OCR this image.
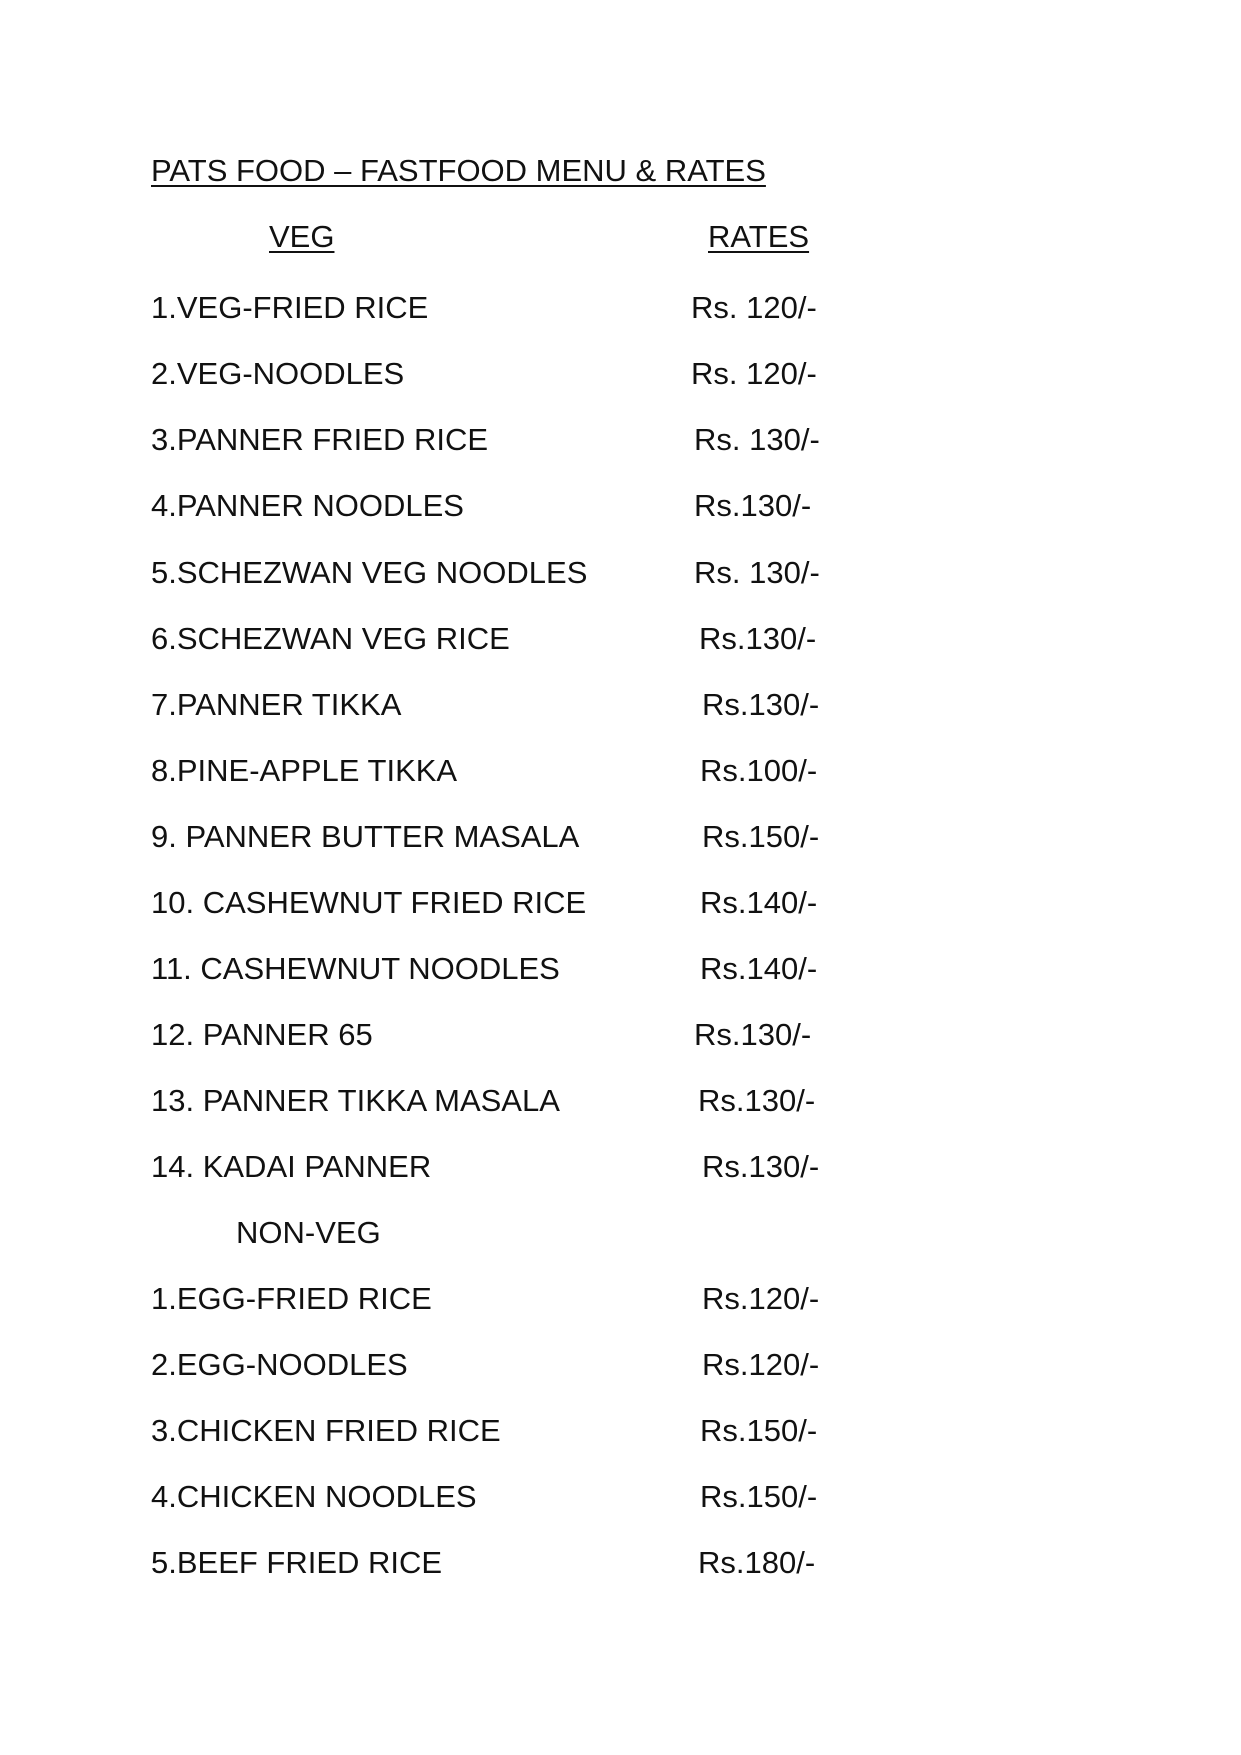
PATS FOOD – FASTFOOD MENU & RATES
VEG	RATES
1.VEG-FRIED RICE	Rs. 120/-
2.VEG-NOODLES	Rs. 120/-
3.PANNER FRIED RICE	Rs. 130/-
4.PANNER NOODLES	Rs.130/-
5.SCHEZWAN VEG NOODLES	Rs. 130/-
6.SCHEZWAN VEG RICE	Rs.130/-
7.PANNER TIKKA	Rs.130/-
8.PINE-APPLE TIKKA	Rs.100/-
9. PANNER BUTTER MASALA	Rs.150/-
10. CASHEWNUT FRIED RICE	Rs.140/-
11. CASHEWNUT NOODLES	Rs.140/-
12. PANNER 65	Rs.130/-
13. PANNER TIKKA MASALA	Rs.130/-
14. KADAI PANNER	Rs.130/-
NON-VEG
1.EGG-FRIED RICE	Rs.120/-
2.EGG-NOODLES	Rs.120/-
3.CHICKEN FRIED RICE	Rs.150/-
4.CHICKEN NOODLES	Rs.150/-
5.BEEF FRIED RICE	Rs.180/-
